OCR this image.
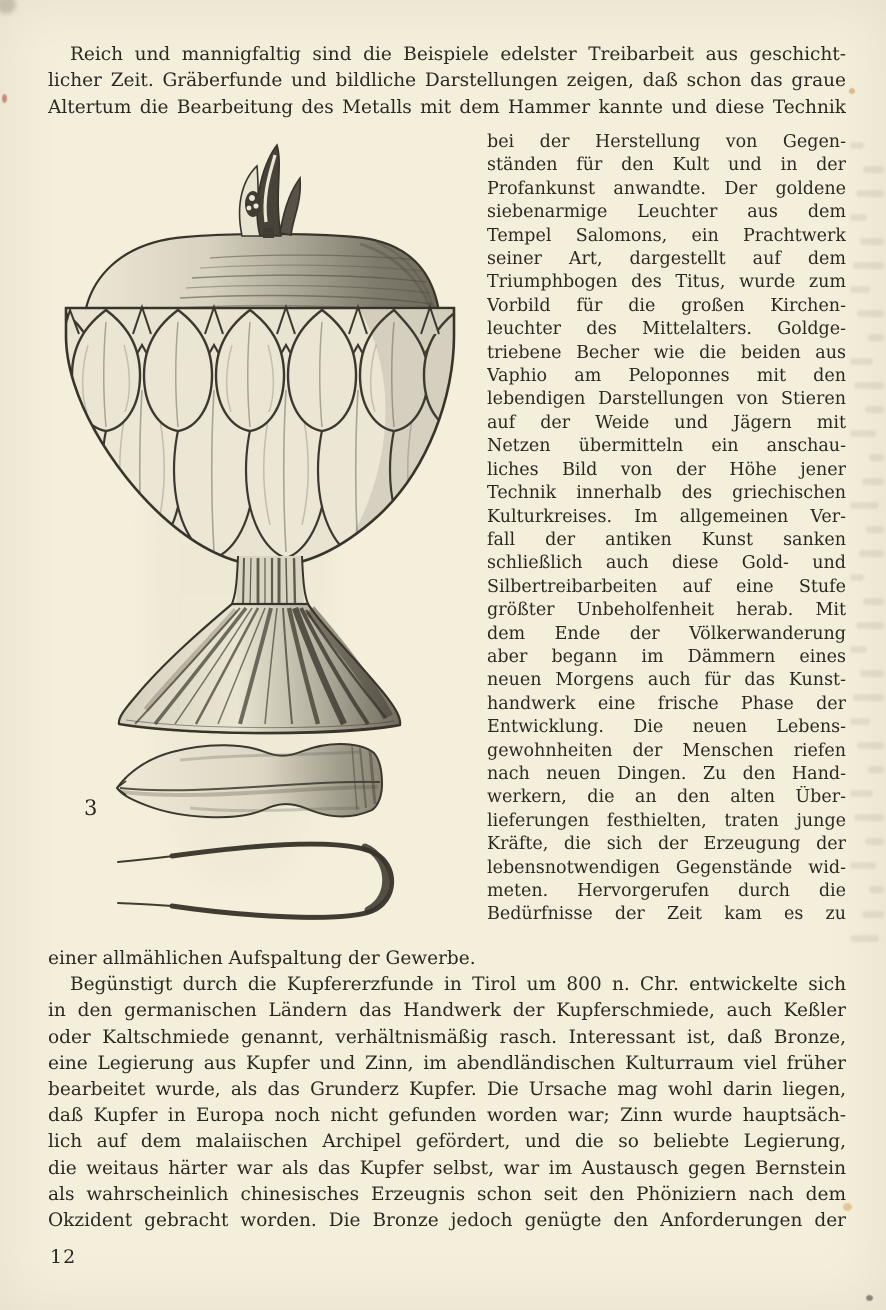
Reich und mannigfaltig sind die Beispiele edelster Treibarbeit aus geschicht-
licher Zeit. Gräberfunde und bildliche Darstellungen zeigen, daß schon das graue
Altertum die Bearbeitung des Metalls mit dem Hammer kannte und diese Technik
3
bei der Herstellung von Gegen-
ständen für den Kult und in der
Profankunst anwandte. Der goldene
siebenarmige Leuchter aus dem
Tempel Salomons, ein Prachtwerk
seiner Art, dargestellt auf dem
Triumphbogen des Titus, wurde zum
Vorbild für die großen Kirchen-
leuchter des Mittelalters. Goldge-
triebene Becher wie die beiden aus
Vaphio am Peloponnes mit den
lebendigen Darstellungen von Stieren
auf der Weide und Jägern mit
Netzen übermitteln ein anschau-
liches Bild von der Höhe jener
Technik innerhalb des griechischen
Kulturkreises. Im allgemeinen Ver-
fall der antiken Kunst sanken
schließlich auch diese Gold- und
Silbertreibarbeiten auf eine Stufe
größter Unbeholfenheit herab. Mit
dem Ende der Völkerwanderung
aber begann im Dämmern eines
neuen Morgens auch für das Kunst-
handwerk eine frische Phase der
Entwicklung. Die neuen Lebens-
gewohnheiten der Menschen riefen
nach neuen Dingen. Zu den Hand-
werkern, die an den alten Über-
lieferungen festhielten, traten junge
Kräfte, die sich der Erzeugung der
lebensnotwendigen Gegenstände wid-
meten. Hervorgerufen durch die
Bedürfnisse der Zeit kam es zu
einer allmählichen Aufspaltung der Gewerbe.
Begünstigt durch die Kupfererzfunde in Tirol um 800 n. Chr. entwickelte sich
in den germanischen Ländern das Handwerk der Kupferschmiede, auch Keßler
oder Kaltschmiede genannt, verhältnismäßig rasch. Interessant ist, daß Bronze,
eine Legierung aus Kupfer und Zinn, im abendländischen Kulturraum viel früher
bearbeitet wurde, als das Grunderz Kupfer. Die Ursache mag wohl darin liegen,
daß Kupfer in Europa noch nicht gefunden worden war; Zinn wurde hauptsäch-
lich auf dem malaiischen Archipel gefördert, und die so beliebte Legierung,
die weitaus härter war als das Kupfer selbst, war im Austausch gegen Bernstein
als wahrscheinlich chinesisches Erzeugnis schon seit den Phöniziern nach dem
Okzident gebracht worden. Die Bronze jedoch genügte den Anforderungen der
12
